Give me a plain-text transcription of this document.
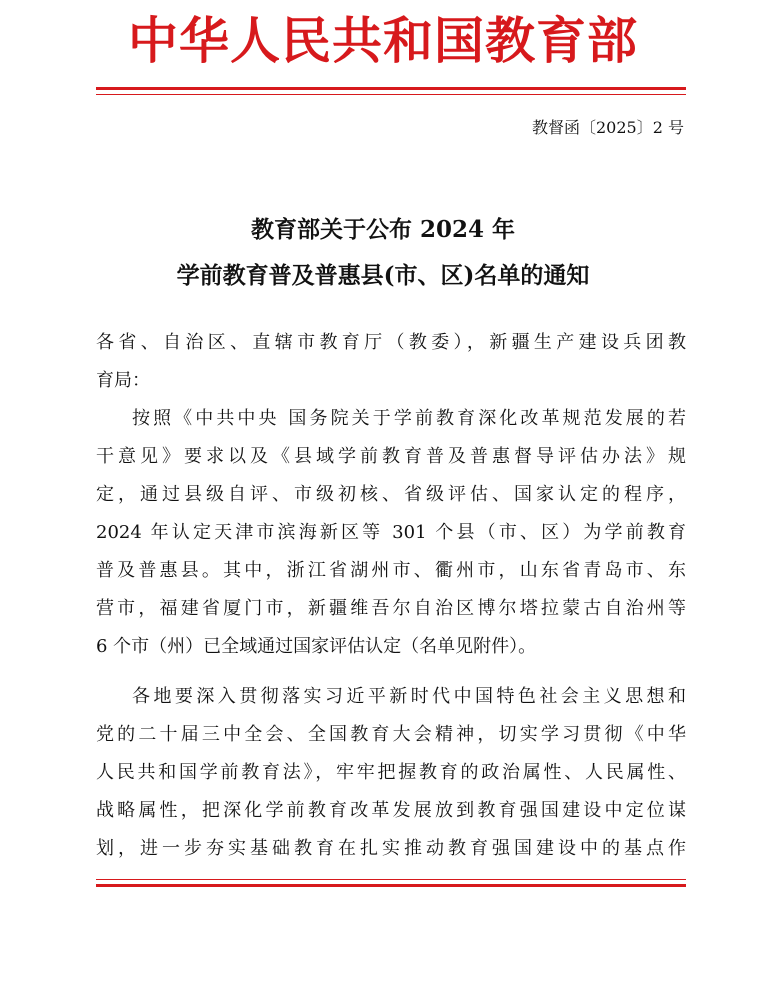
中华人民共和国教育部
教督函〔2025〕2 号
教育部关于公布 2024 年
学前教育普及普惠县(市、区)名单的通知
各省、自治区、直辖市教育厅（教委），新疆生产建设兵团教
育局：
按照《中共中央 国务院关于学前教育深化改革规范发展的若
干意见》要求以及《县域学前教育普及普惠督导评估办法》规
定，通过县级自评、市级初核、省级评估、国家认定的程序，
2024 年认定天津市滨海新区等 301 个县（市、区）为学前教育
普及普惠县。其中，浙江省湖州市、衢州市，山东省青岛市、东
营市，福建省厦门市，新疆维吾尔自治区博尔塔拉蒙古自治州等
6 个市（州）已全域通过国家评估认定（名单见附件）。
各地要深入贯彻落实习近平新时代中国特色社会主义思想和
党的二十届三中全会、全国教育大会精神，切实学习贯彻《中华
人民共和国学前教育法》，牢牢把握教育的政治属性、人民属性、
战略属性，把深化学前教育改革发展放到教育强国建设中定位谋
划，进一步夯实基础教育在扎实推动教育强国建设中的基点作
